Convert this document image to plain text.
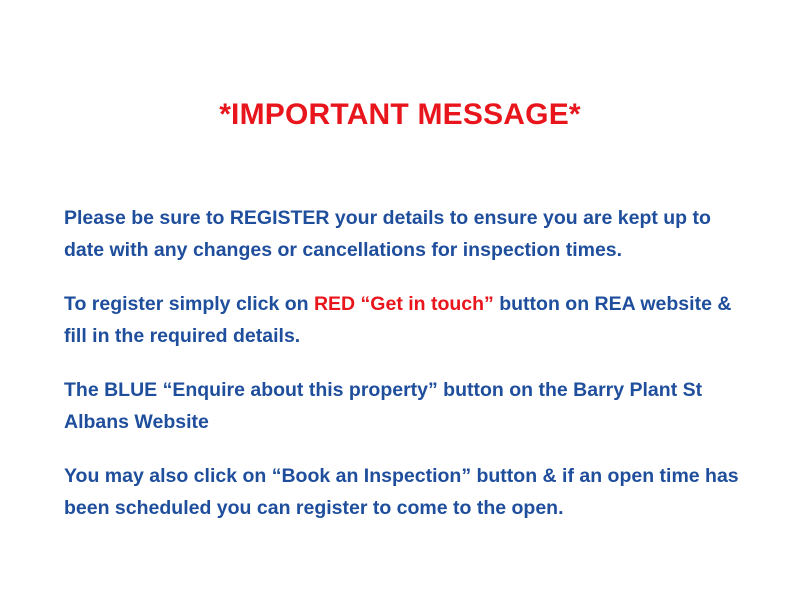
*IMPORTANT MESSAGE*

Please be sure to REGISTER your details to ensure you are kept up to date with any changes or cancellations for inspection times.

To register simply click on RED “Get in touch” button on REA website & fill in the required details.

The BLUE “Enquire about this property” button on the Barry Plant St Albans Website

You may also click on “Book an Inspection” button & if an open time has been scheduled you can register to come to the open.
